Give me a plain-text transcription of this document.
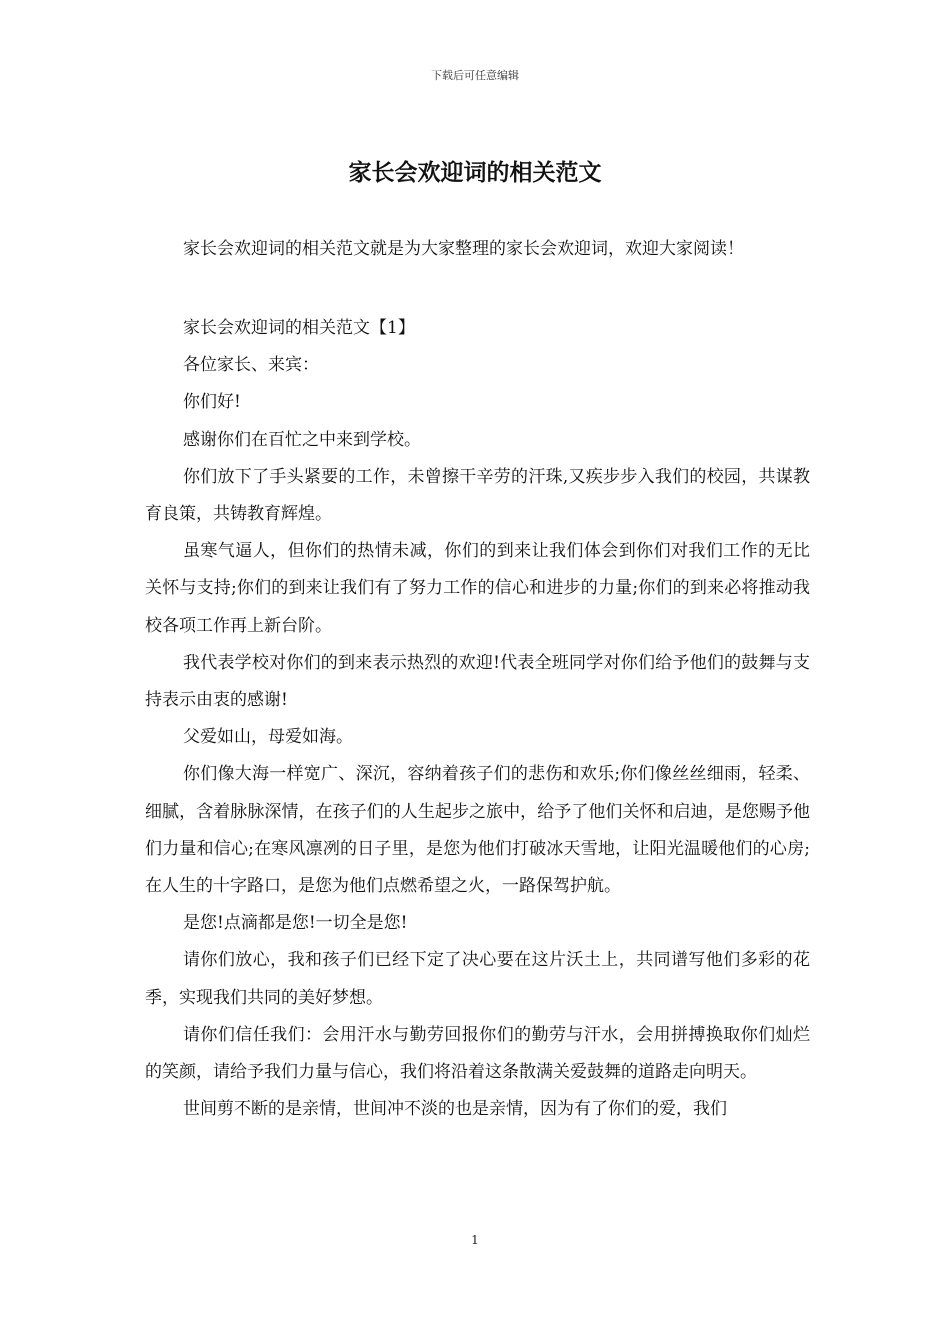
下载后可任意编辑
家长会欢迎词的相关范文

家长会欢迎词的相关范文就是为大家整理的家长会欢迎词，欢迎大家阅读！

家长会欢迎词的相关范文【1】

各位家长、来宾：

你们好!

感谢你们在百忙之中来到学校。

你们放下了手头紧要的工作，未曾擦干辛劳的汗珠,又疾步步入我们的校园，共谋教育良策，共铸教育辉煌。

虽寒气逼人，但你们的热情未减，你们的到来让我们体会到你们对我们工作的无比关怀与支持;你们的到来让我们有了努力工作的信心和进步的力量;你们的到来必将推动我校各项工作再上新台阶。

我代表学校对你们的到来表示热烈的欢迎!代表全班同学对你们给予他们的鼓舞与支持表示由衷的感谢!

父爱如山，母爱如海。

你们像大海一样宽广、深沉，容纳着孩子们的悲伤和欢乐;你们像丝丝细雨，轻柔、细腻，含着脉脉深情，在孩子们的人生起步之旅中，给予了他们关怀和启迪，是您赐予他们力量和信心;在寒风凛冽的日子里，是您为他们打破冰天雪地，让阳光温暖他们的心房;在人生的十字路口，是您为他们点燃希望之火，一路保驾护航。

是您!点滴都是您!一切全是您!

请你们放心，我和孩子们已经下定了决心要在这片沃土上，共同谱写他们多彩的花季，实现我们共同的美好梦想。

请你们信任我们：会用汗水与勤劳回报你们的勤劳与汗水，会用拼搏换取你们灿烂的笑颜，请给予我们力量与信心，我们将沿着这条散满关爱鼓舞的道路走向明天。

世间剪不断的是亲情，世间冲不淡的也是亲情，因为有了你们的爱，我们

1
